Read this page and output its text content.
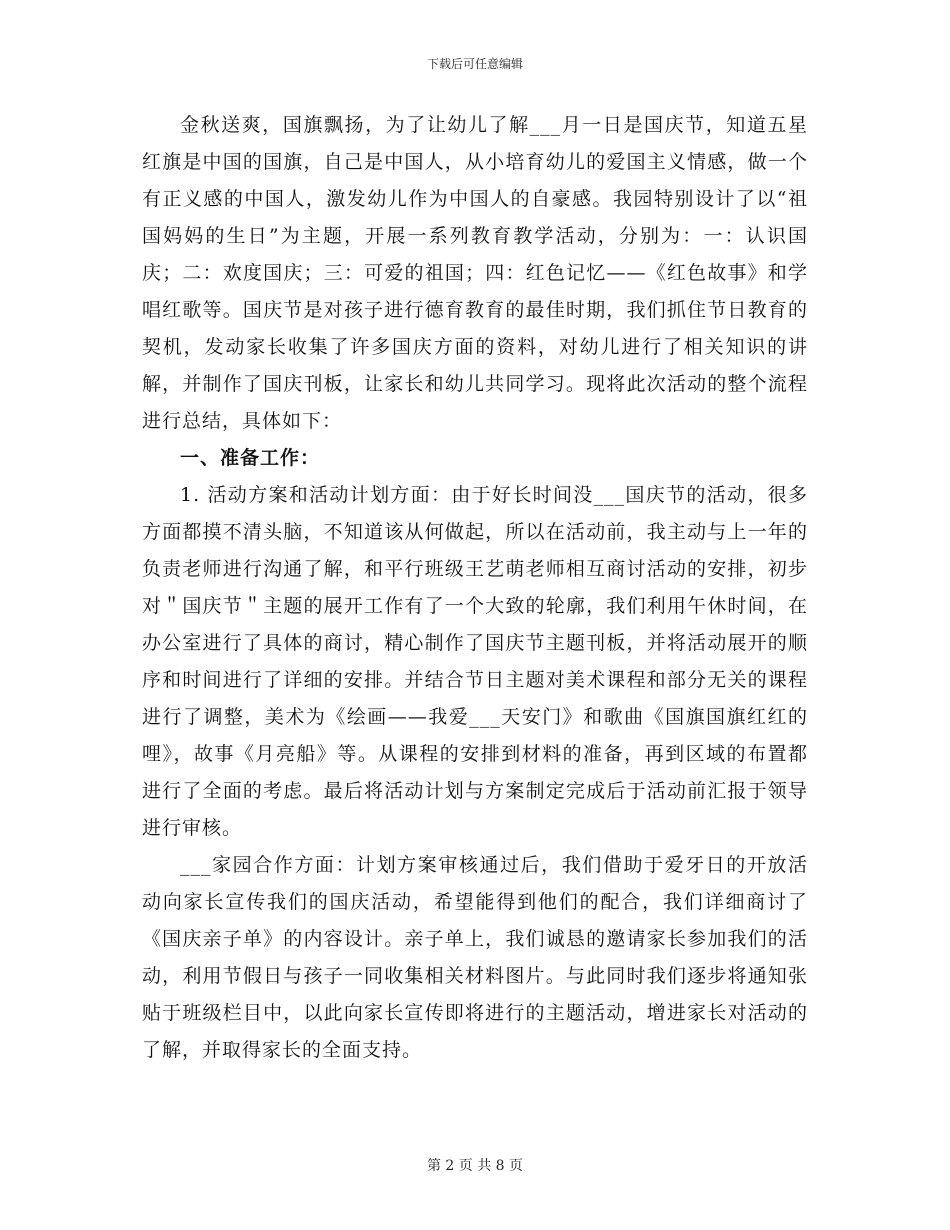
下载后可任意编辑

金秋送爽，国旗飘扬，为了让幼儿了解___月一日是国庆节，知道五星红旗是中国的国旗，自己是中国人，从小培育幼儿的爱国主义情感，做一个有正义感的中国人，激发幼儿作为中国人的自豪感。我园特别设计了以“祖国妈妈的生日”为主题，开展一系列教育教学活动，分别为：一：认识国庆；二：欢度国庆；三：可爱的祖国；四：红色记忆——《红色故事》和学唱红歌等。国庆节是对孩子进行德育教育的最佳时期，我们抓住节日教育的契机，发动家长收集了许多国庆方面的资料，对幼儿进行了相关知识的讲解，并制作了国庆刊板，让家长和幼儿共同学习。现将此次活动的整个流程进行总结，具体如下：

一、准备工作：

1. 活动方案和活动计划方面：由于好长时间没___国庆节的活动，很多方面都摸不清头脑，不知道该从何做起，所以在活动前，我主动与上一年的负责老师进行沟通了解，和平行班级王艺萌老师相互商讨活动的安排，初步对＂国庆节＂主题的展开工作有了一个大致的轮廓，我们利用午休时间，在办公室进行了具体的商讨，精心制作了国庆节主题刊板，并将活动展开的顺序和时间进行了详细的安排。并结合节日主题对美术课程和部分无关的课程进行了调整，美术为《绘画——我爱___天安门》和歌曲《国旗国旗红红的哩》，故事《月亮船》等。从课程的安排到材料的准备，再到区域的布置都进行了全面的考虑。最后将活动计划与方案制定完成后于活动前汇报于领导进行审核。

___家园合作方面：计划方案审核通过后，我们借助于爱牙日的开放活动向家长宣传我们的国庆活动，希望能得到他们的配合，我们详细商讨了《国庆亲子单》的内容设计。亲子单上，我们诚恳的邀请家长参加我们的活动，利用节假日与孩子一同收集相关材料图片。与此同时我们逐步将通知张贴于班级栏目中，以此向家长宣传即将进行的主题活动，增进家长对活动的了解，并取得家长的全面支持。

第 2 页 共 8 页
